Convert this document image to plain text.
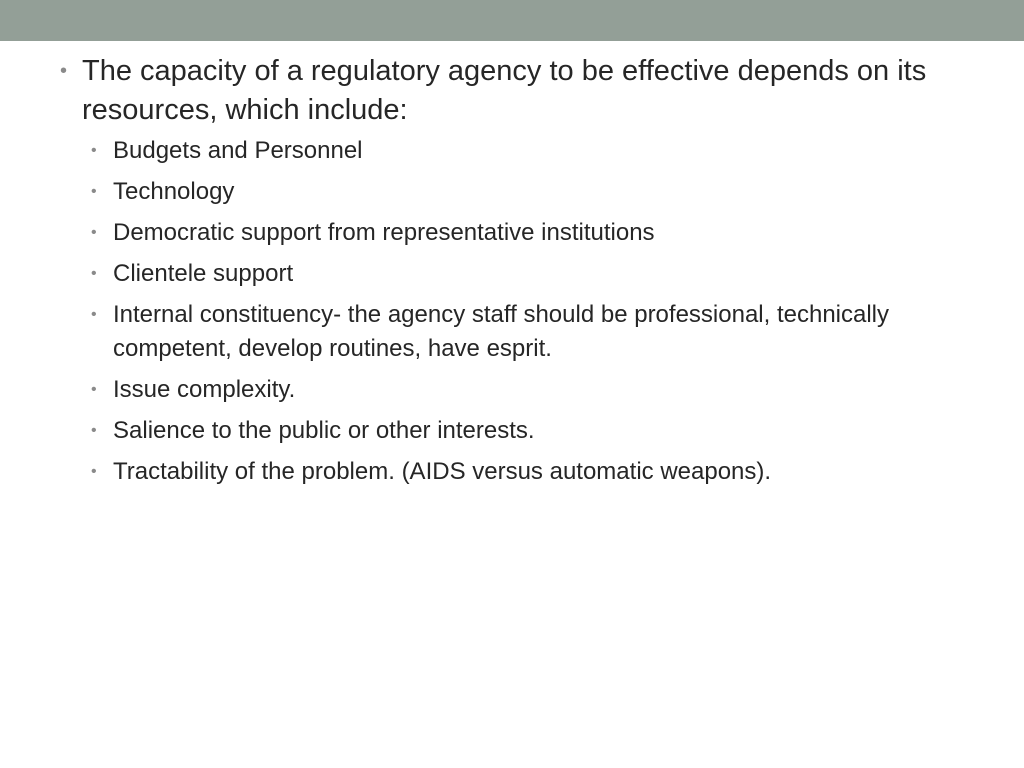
• The capacity of a regulatory agency to be effective depends on its resources, which include:
• Budgets and Personnel
• Technology
• Democratic support from representative institutions
• Clientele support
• Internal constituency- the agency staff should be professional, technically competent, develop routines, have esprit.
• Issue complexity.
• Salience to the public or other interests.
• Tractability of the problem. (AIDS versus automatic weapons).
